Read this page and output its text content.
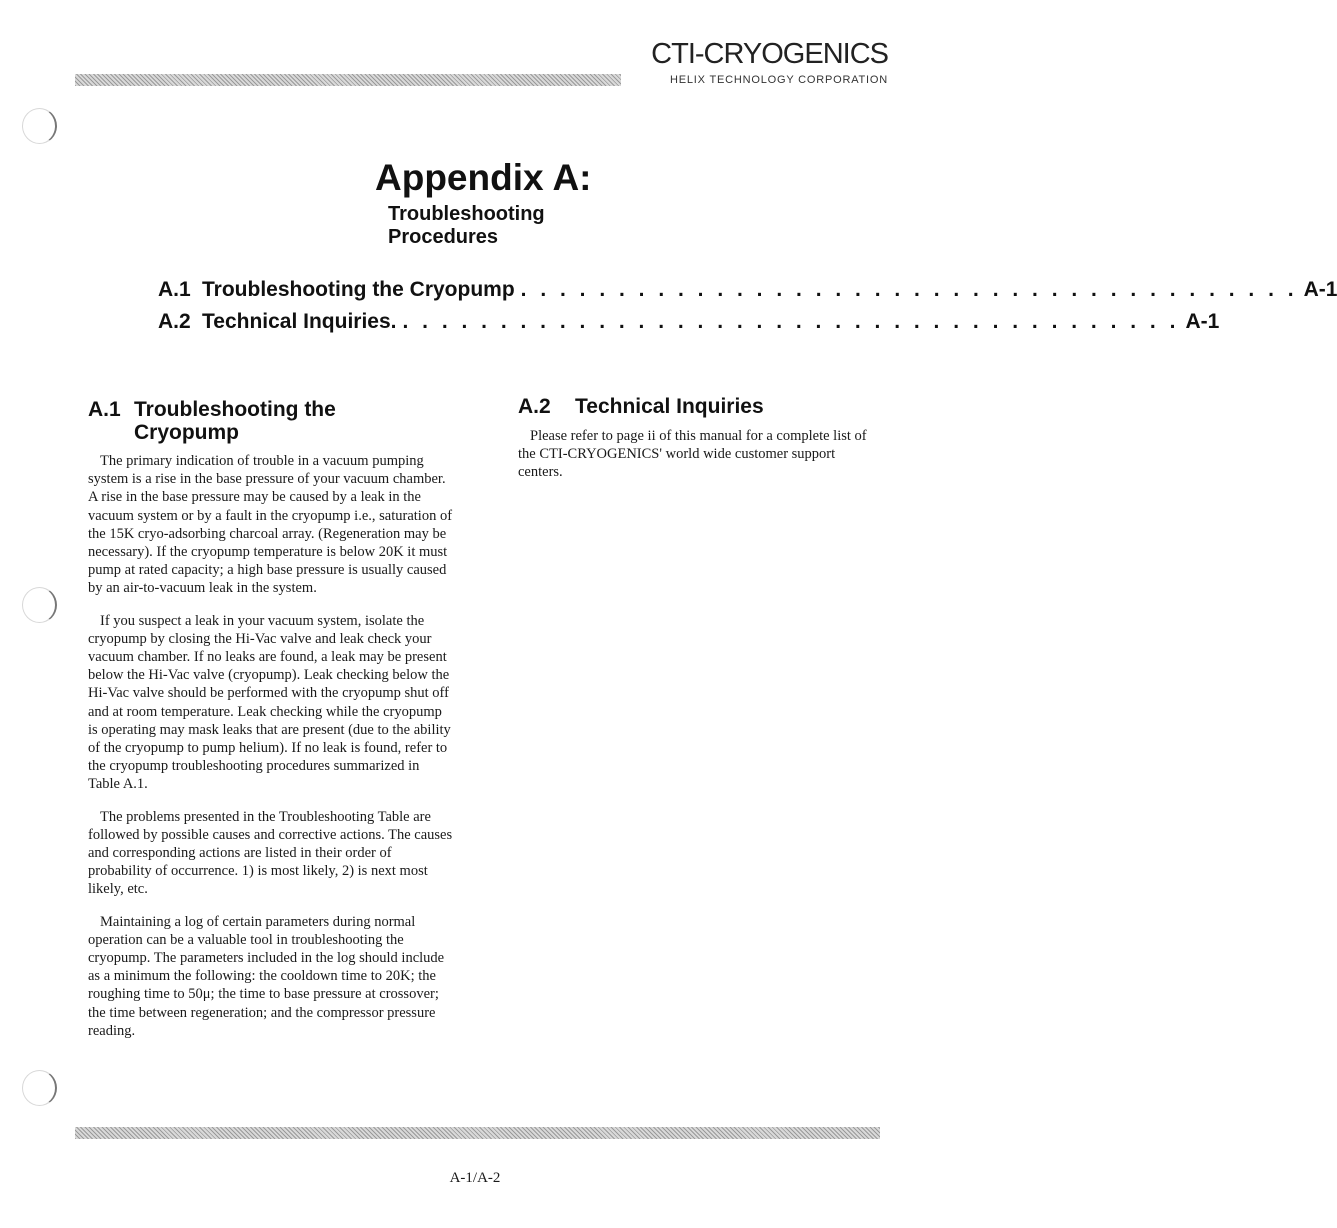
CTI-CRYOGENICS
HELIX TECHNOLOGY CORPORATION
Appendix A:
Troubleshooting
Procedures
A.1 Troubleshooting the Cryopump . . . . . . . . . . . . . . . . . . . . . . . . . . . . . . . . . . . . . . . . A-1
A.2 Technical Inquiries. . . . . . . . . . . . . . . . . . . . . . . . . . . . . . . . . . . . . . . . . A-1
A.1 Troubleshooting the
Cryopump

The primary indication of trouble in a vacuum pumping system is a rise in the base pressure of your vacuum chamber. A rise in the base pressure may be caused by a leak in the vacuum system or by a fault in the cryopump i.e., saturation of the 15K cryo-adsorbing charcoal array. (Regeneration may be necessary). If the cryopump temperature is below 20K it must pump at rated capacity; a high base pressure is usually caused by an air-to-vacuum leak in the system.

If you suspect a leak in your vacuum system, isolate the cryopump by closing the Hi-Vac valve and leak check your vacuum chamber. If no leaks are found, a leak may be present below the Hi-Vac valve (cryopump). Leak checking below the Hi-Vac valve should be performed with the cryopump shut off and at room temperature. Leak checking while the cryopump is operating may mask leaks that are present (due to the ability of the cryopump to pump helium). If no leak is found, refer to the cryopump troubleshooting procedures summarized in Table A.1.

The problems presented in the Troubleshooting Table are followed by possible causes and corrective actions. The causes and corresponding actions are listed in their order of probability of occurrence. 1) is most likely, 2) is next most likely, etc.

Maintaining a log of certain parameters during normal operation can be a valuable tool in troubleshooting the cryopump. The parameters included in the log should include as a minimum the following: the cooldown time to 20K; the roughing time to 50μ; the time to base pressure at crossover; the time between regeneration; and the compressor pressure reading.

A.2 Technical Inquiries

Please refer to page ii of this manual for a complete list of the CTI-CRYOGENICS' world wide customer support centers.

A-1/A-2
